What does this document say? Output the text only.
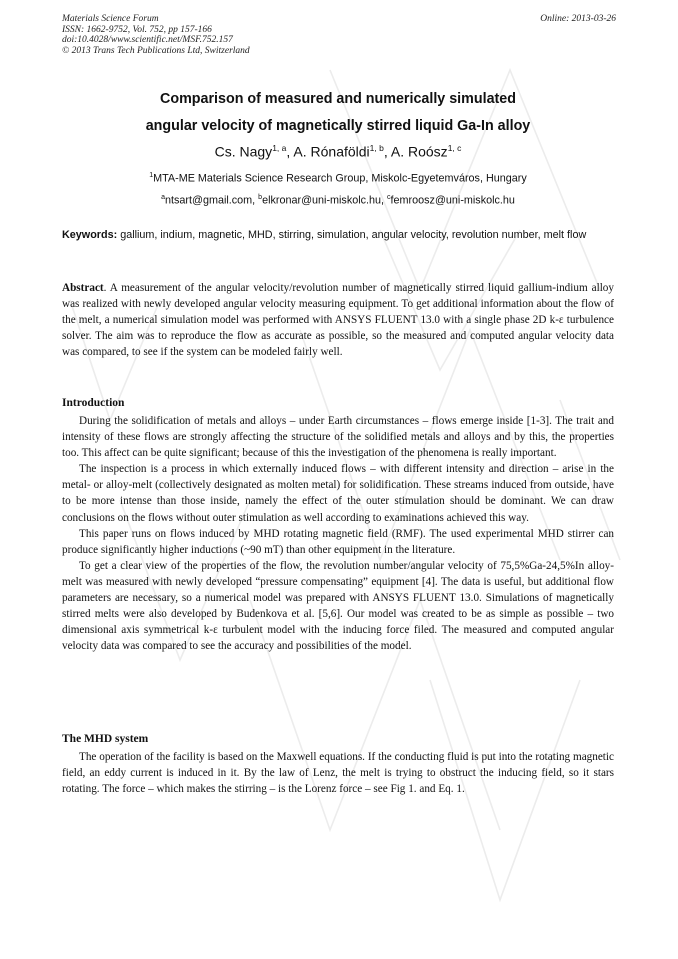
Materials Science Forum
ISSN: 1662-9752, Vol. 752, pp 157-166
doi:10.4028/www.scientific.net/MSF.752.157
© 2013 Trans Tech Publications Ltd, Switzerland
Online: 2013-03-26
Comparison of measured and numerically simulated
angular velocity of magnetically stirred liquid Ga-In alloy
Cs. Nagy$^{1, a}$, A. Rónaföldi$^{1, b}$, A. Roósz$^{1, c}$
$^1$MTA-ME Materials Science Research Group, Miskolc-Egyetemváros, Hungary
$^a$ntsart@gmail.com, $^b$elkronar@uni-miskolc.hu, $^c$femroosz@uni-miskolc.hu
Keywords: gallium, indium, magnetic, MHD, stirring, simulation, angular velocity, revolution number, melt flow
Abstract. A measurement of the angular velocity/revolution number of magnetically stirred liquid gallium-indium alloy was realized with newly developed angular velocity measuring equipment. To get additional information about the flow of the melt, a numerical simulation model was performed with ANSYS FLUENT 13.0 with a single phase 2D k-ε turbulence solver. The aim was to reproduce the flow as accurate as possible, so the measured and computed angular velocity data was compared, to see if the system can be modeled fairly well.
Introduction

During the solidification of metals and alloys – under Earth circumstances – flows emerge inside [1-3]. The trait and intensity of these flows are strongly affecting the structure of the solidified metals and alloys and by this, the properties too. This affect can be quite significant; because of this the investigation of the phenomena is really important.

The inspection is a process in which externally induced flows – with different intensity and direction – arise in the metal- or alloy-melt (collectively designated as molten metal) for solidification. These streams induced from outside, have to be more intense than those inside, namely the effect of the outer stimulation should be dominant. We can draw conclusions on the flows without outer stimulation as well according to examinations achieved this way.

This paper runs on flows induced by MHD rotating magnetic field (RMF). The used experimental MHD stirrer can produce significantly higher inductions (~90 mT) than other equipment in the literature.

To get a clear view of the properties of the flow, the revolution number/angular velocity of 75,5%Ga-24,5%In alloy-melt was measured with newly developed “pressure compensating” equipment [4]. The data is useful, but additional flow parameters are necessary, so a numerical model was prepared with ANSYS FLUENT 13.0. Simulations of magnetically stirred melts were also developed by Budenkova et al. [5,6]. Our model was created to be as simple as possible – two dimensional axis symmetrical k-ε turbulent model with the inducing force filed. The measured and computed angular velocity data was compared to see the accuracy and possibilities of the model.

The MHD system

The operation of the facility is based on the Maxwell equations. If the conducting fluid is put into the rotating magnetic field, an eddy current is induced in it. By the law of Lenz, the melt is trying to obstruct the inducing field, so it stars rotating. The force – which makes the stirring – is the Lorenz force – see Fig 1. and Eq. 1.
